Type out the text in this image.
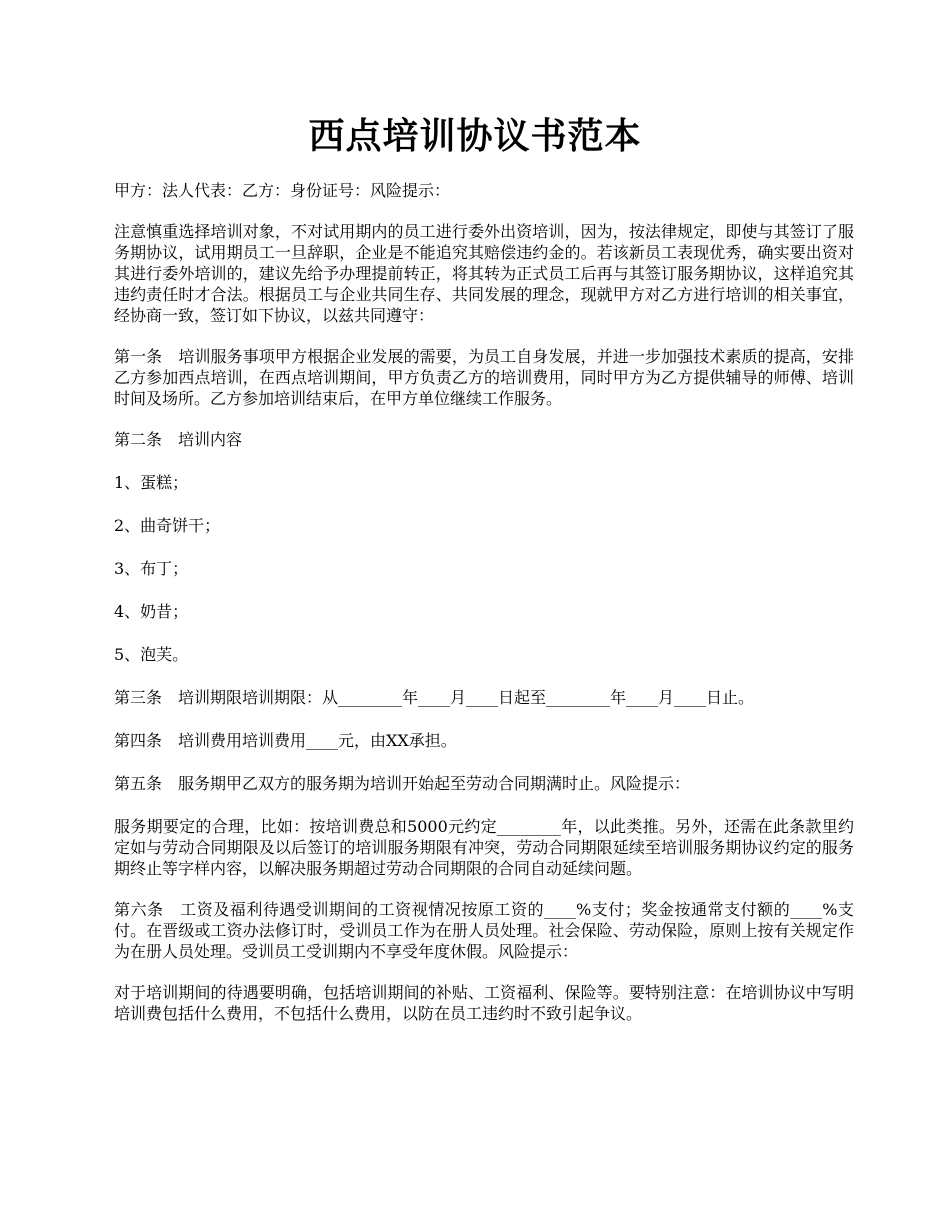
西点培训协议书范本

甲方：法人代表：乙方：身份证号：风险提示：

注意慎重选择培训对象，不对试用期内的员工进行委外出资培训，因为，按法律规定，即使与其签订了服务期协议，试用期员工一旦辞职，企业是不能追究其赔偿违约金的。若该新员工表现优秀，确实要出资对其进行委外培训的，建议先给予办理提前转正，将其转为正式员工后再与其签订服务期协议，这样追究其违约责任时才合法。根据员工与企业共同生存、共同发展的理念，现就甲方对乙方进行培训的相关事宜，经协商一致，签订如下协议，以兹共同遵守：

第一条　培训服务事项甲方根据企业发展的需要，为员工自身发展，并进一步加强技术素质的提高，安排乙方参加西点培训，在西点培训期间，甲方负责乙方的培训费用，同时甲方为乙方提供辅导的师傅、培训时间及场所。乙方参加培训结束后，在甲方单位继续工作服务。

第二条　培训内容

1、蛋糕；

2、曲奇饼干；

3、布丁；

4、奶昔；

5、泡芙。

第三条　培训期限培训期限：从________年____月____日起至________年____月____日止。

第四条　培训费用培训费用____元，由XX承担。

第五条　服务期甲乙双方的服务期为培训开始起至劳动合同期满时止。风险提示：

服务期要定的合理，比如：按培训费总和5000元约定________年，以此类推。另外，还需在此条款里约定如与劳动合同期限及以后签订的培训服务期限有冲突，劳动合同期限延续至培训服务期协议约定的服务期终止等字样内容，以解决服务期超过劳动合同期限的合同自动延续问题。

第六条　工资及福利待遇受训期间的工资视情况按原工资的____%支付；奖金按通常支付额的____%支付。在晋级或工资办法修订时，受训员工作为在册人员处理。社会保险、劳动保险，原则上按有关规定作为在册人员处理。受训员工受训期内不享受年度休假。风险提示：

对于培训期间的待遇要明确，包括培训期间的补贴、工资福利、保险等。要特别注意：在培训协议中写明培训费包括什么费用，不包括什么费用，以防在员工违约时不致引起争议。
